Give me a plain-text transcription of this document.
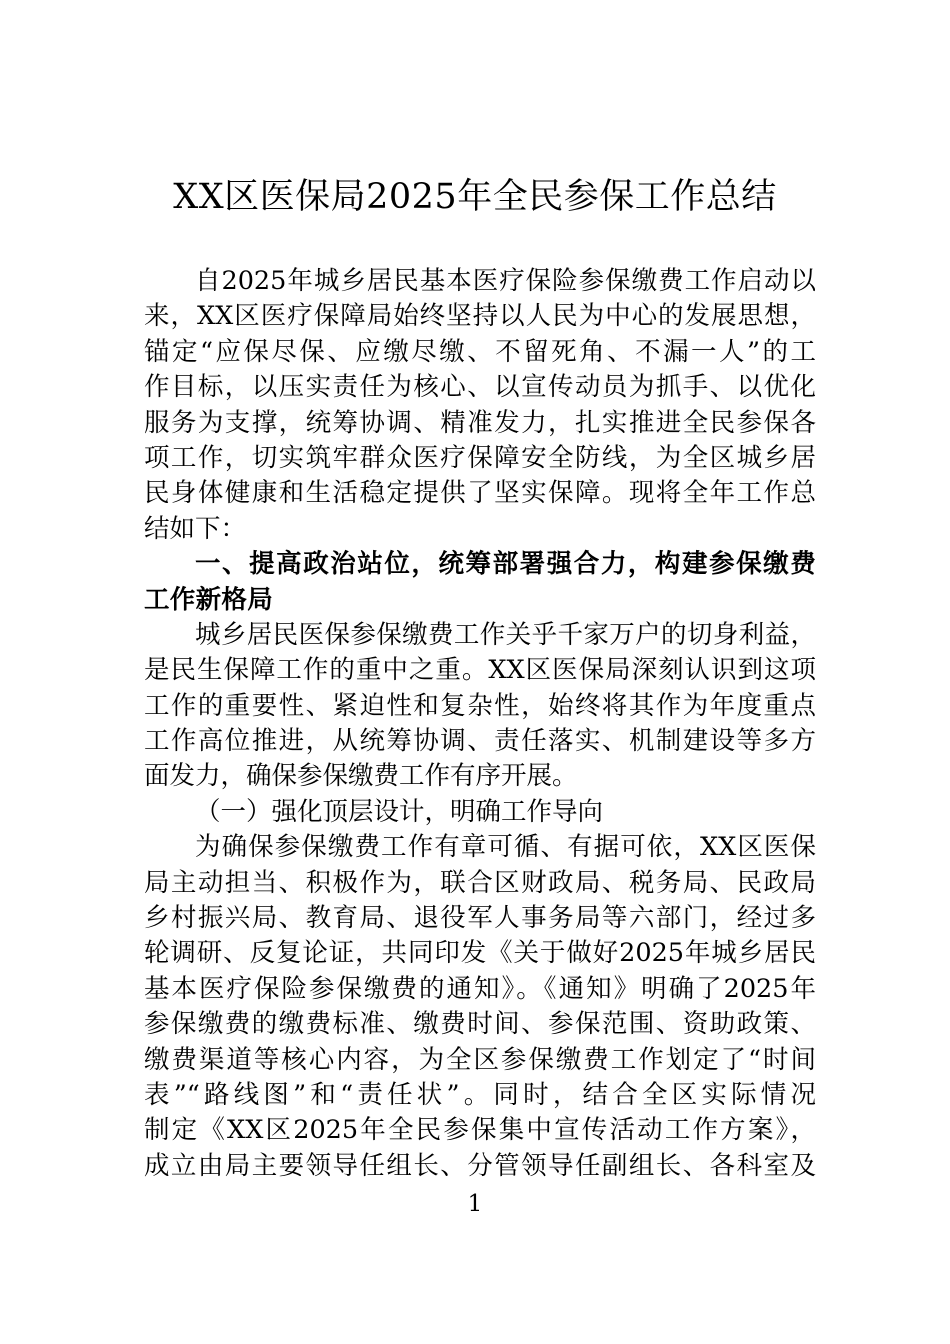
XX区医保局2025年全民参保工作总结
自2025年城乡居民基本医疗保险参保缴费工作启动以
来，XX区医疗保障局始终坚持以人民为中心的发展思想，
锚定“应保尽保、应缴尽缴、不留死角、不漏一人”的工
作目标，以压实责任为核心、以宣传动员为抓手、以优化
服务为支撑，统筹协调、精准发力，扎实推进全民参保各
项工作，切实筑牢群众医疗保障安全防线，为全区城乡居
民身体健康和生活稳定提供了坚实保障。现将全年工作总
结如下：
一、提高政治站位，统筹部署强合力，构建参保缴费
工作新格局
城乡居民医保参保缴费工作关乎千家万户的切身利益，
是民生保障工作的重中之重。XX区医保局深刻认识到这项
工作的重要性、紧迫性和复杂性，始终将其作为年度重点
工作高位推进，从统筹协调、责任落实、机制建设等多方
面发力，确保参保缴费工作有序开展。
（一）强化顶层设计，明确工作导向
为确保参保缴费工作有章可循、有据可依，XX区医保
局主动担当、积极作为，联合区财政局、税务局、民政局
乡村振兴局、教育局、退役军人事务局等六部门，经过多
轮调研、反复论证，共同印发《关于做好2025年城乡居民
基本医疗保险参保缴费的通知》。《通知》明确了2025年
参保缴费的缴费标准、缴费时间、参保范围、资助政策、
缴费渠道等核心内容，为全区参保缴费工作划定了“时间
表”“路线图”和“责任状”。同时，结合全区实际情况
制定《XX区2025年全民参保集中宣传活动工作方案》，
成立由局主要领导任组长、分管领导任副组长、各科室及
1
